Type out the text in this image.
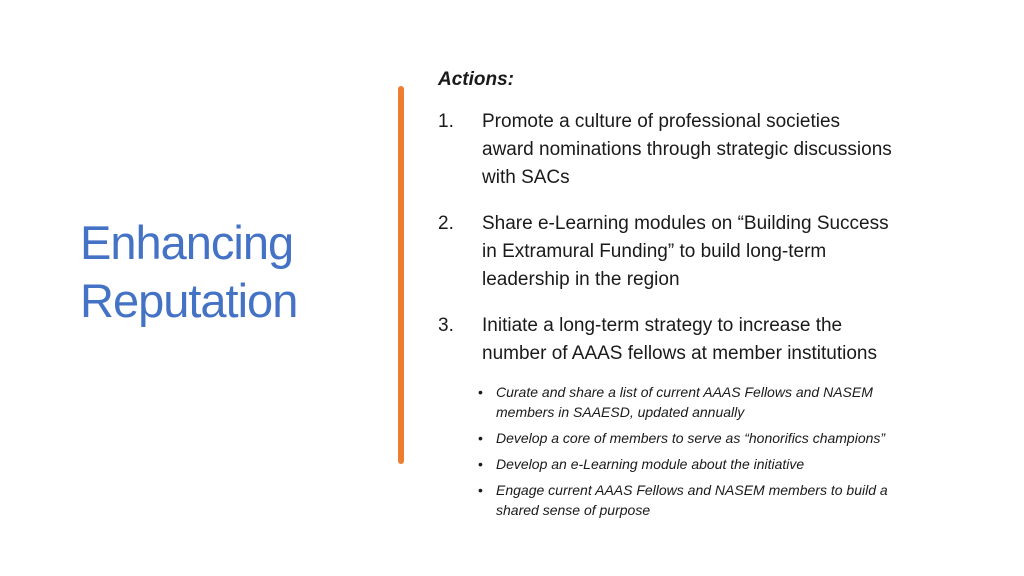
Enhancing
Reputation
Actions:
1. Promote a culture of professional societies
award nominations through strategic discussions
with SACs
2. Share e-Learning modules on “Building Success
in Extramural Funding” to build long-term
leadership in the region
3. Initiate a long-term strategy to increase the
number of AAAS fellows at member institutions
• Curate and share a list of current AAAS Fellows and NASEM
members in SAAESD, updated annually
• Develop a core of members to serve as “honorifics champions”
• Develop an e-Learning module about the initiative
• Engage current AAAS Fellows and NASEM members to build a
shared sense of purpose
